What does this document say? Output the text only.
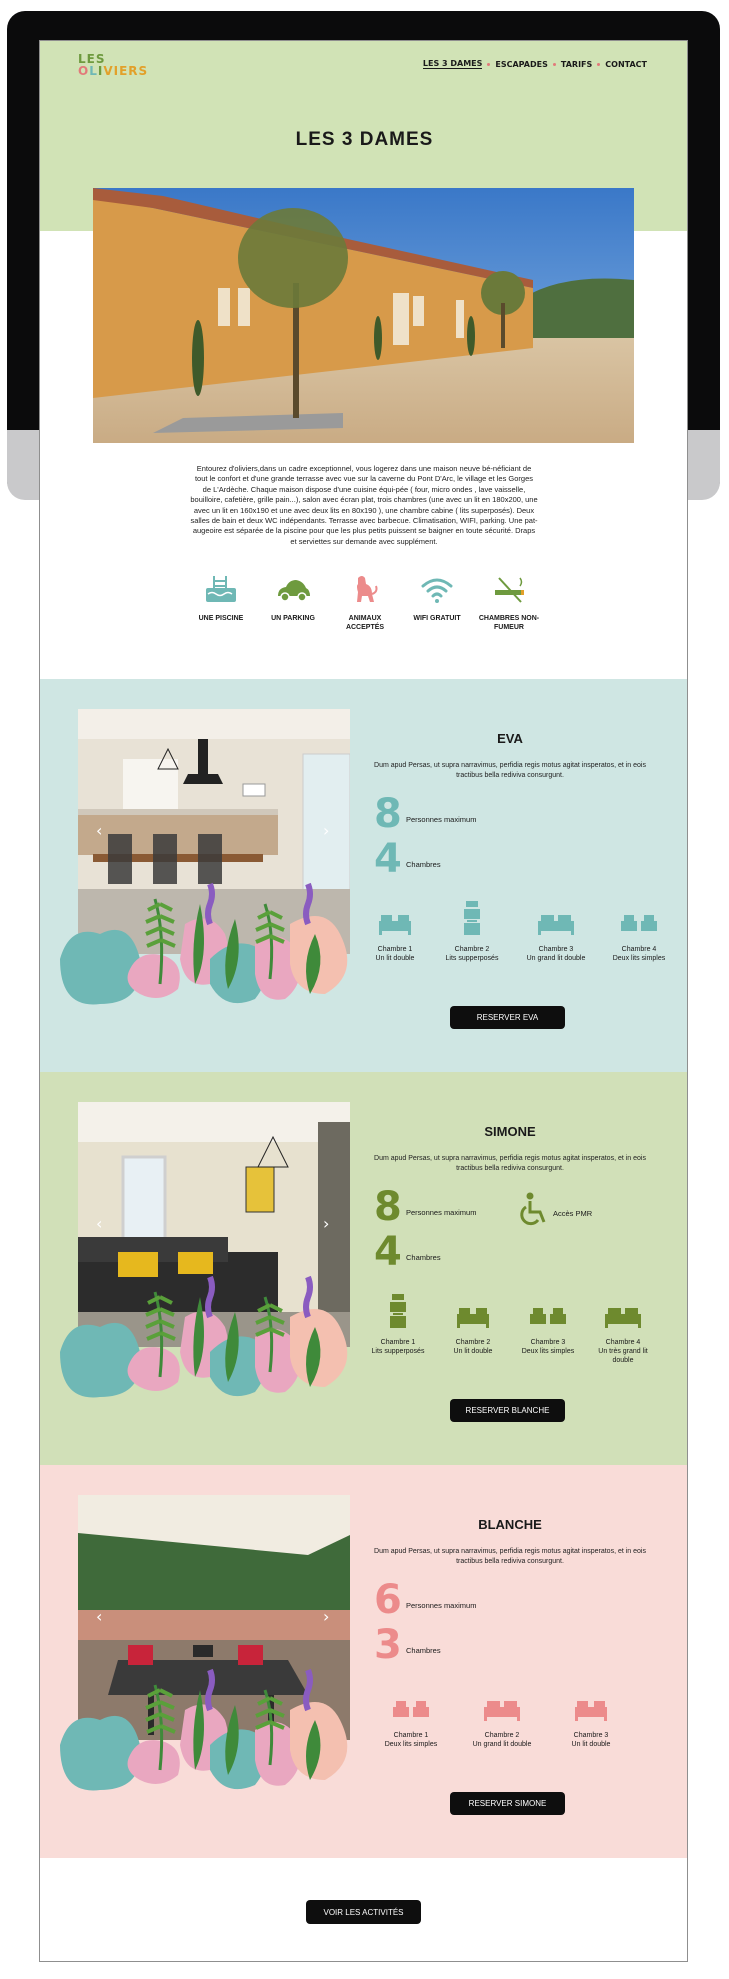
LES
OLIVIERS
LES 3 DAMES ESCAPADES TARIFS CONTACT
LES 3 DAMES

Entourez d'oliviers,dans un cadre exceptionnel, vous logerez dans une maison neuve bé-néficiant de tout le confort et d'une grande terrasse avec vue sur la caverne du Pont D'Arc, le village et les Gorges de L'Ardèche. Chaque maison dispose d'une cuisine équi-pée ( four, micro ondes , lave vaisselle, bouilloire, cafetière, grille pain...), salon avec écran plat, trois chambres (une avec un lit en 180x200, une avec un lit en 160x190 et une avec deux lits en 80x190 ), une chambre cabine ( lits superposés). Deux salles de bain et deux WC indépendants. Terrasse avec barbecue. Climatisation, WIFI, parking. Une pat-augeoire est séparée de la piscine pour que les plus petits puissent se baigner en toute sécurité. Draps et serviettes sur demande avec supplément.

UNE PISCINE	UN PARKING	ANIMAUX ACCEPTÉS
WIFI GRATUIT	CHAMBRES NON-FUMEUR
‹	›
EVA
Dum apud Persas, ut supra narravimus, perfidia regis motus agitat insperatos, et in eois tractibus bella rediviva consurgunt.
8 Personnes maximum
4 Chambres
Chambre 1
Un lit double
Chambre 2
Lits supperposés
Chambre 3
Un grand lit double
Chambre 4
Deux lits simples
RESERVER EVA
‹	›
SIMONE
Dum apud Persas, ut supra narravimus, perfidia regis motus agitat insperatos, et in eois tractibus bella rediviva consurgunt.
8 Personnes maximum
4 Chambres
Accès PMR
Chambre 1
Lits supperposés
Chambre 2
Un lit double
Chambre 3
Deux lits simples
Chambre 4
Un très grand lit double
RESERVER BLANCHE
‹	›
BLANCHE
Dum apud Persas, ut supra narravimus, perfidia regis motus agitat insperatos, et in eois tractibus bella rediviva consurgunt.
6 Personnes maximum
3 Chambres
Chambre 1
Deux lits simples
Chambre 2
Un grand lit double
Chambre 3
Un lit double
RESERVER SIMONE
VOIR LES ACTIVITÉS
